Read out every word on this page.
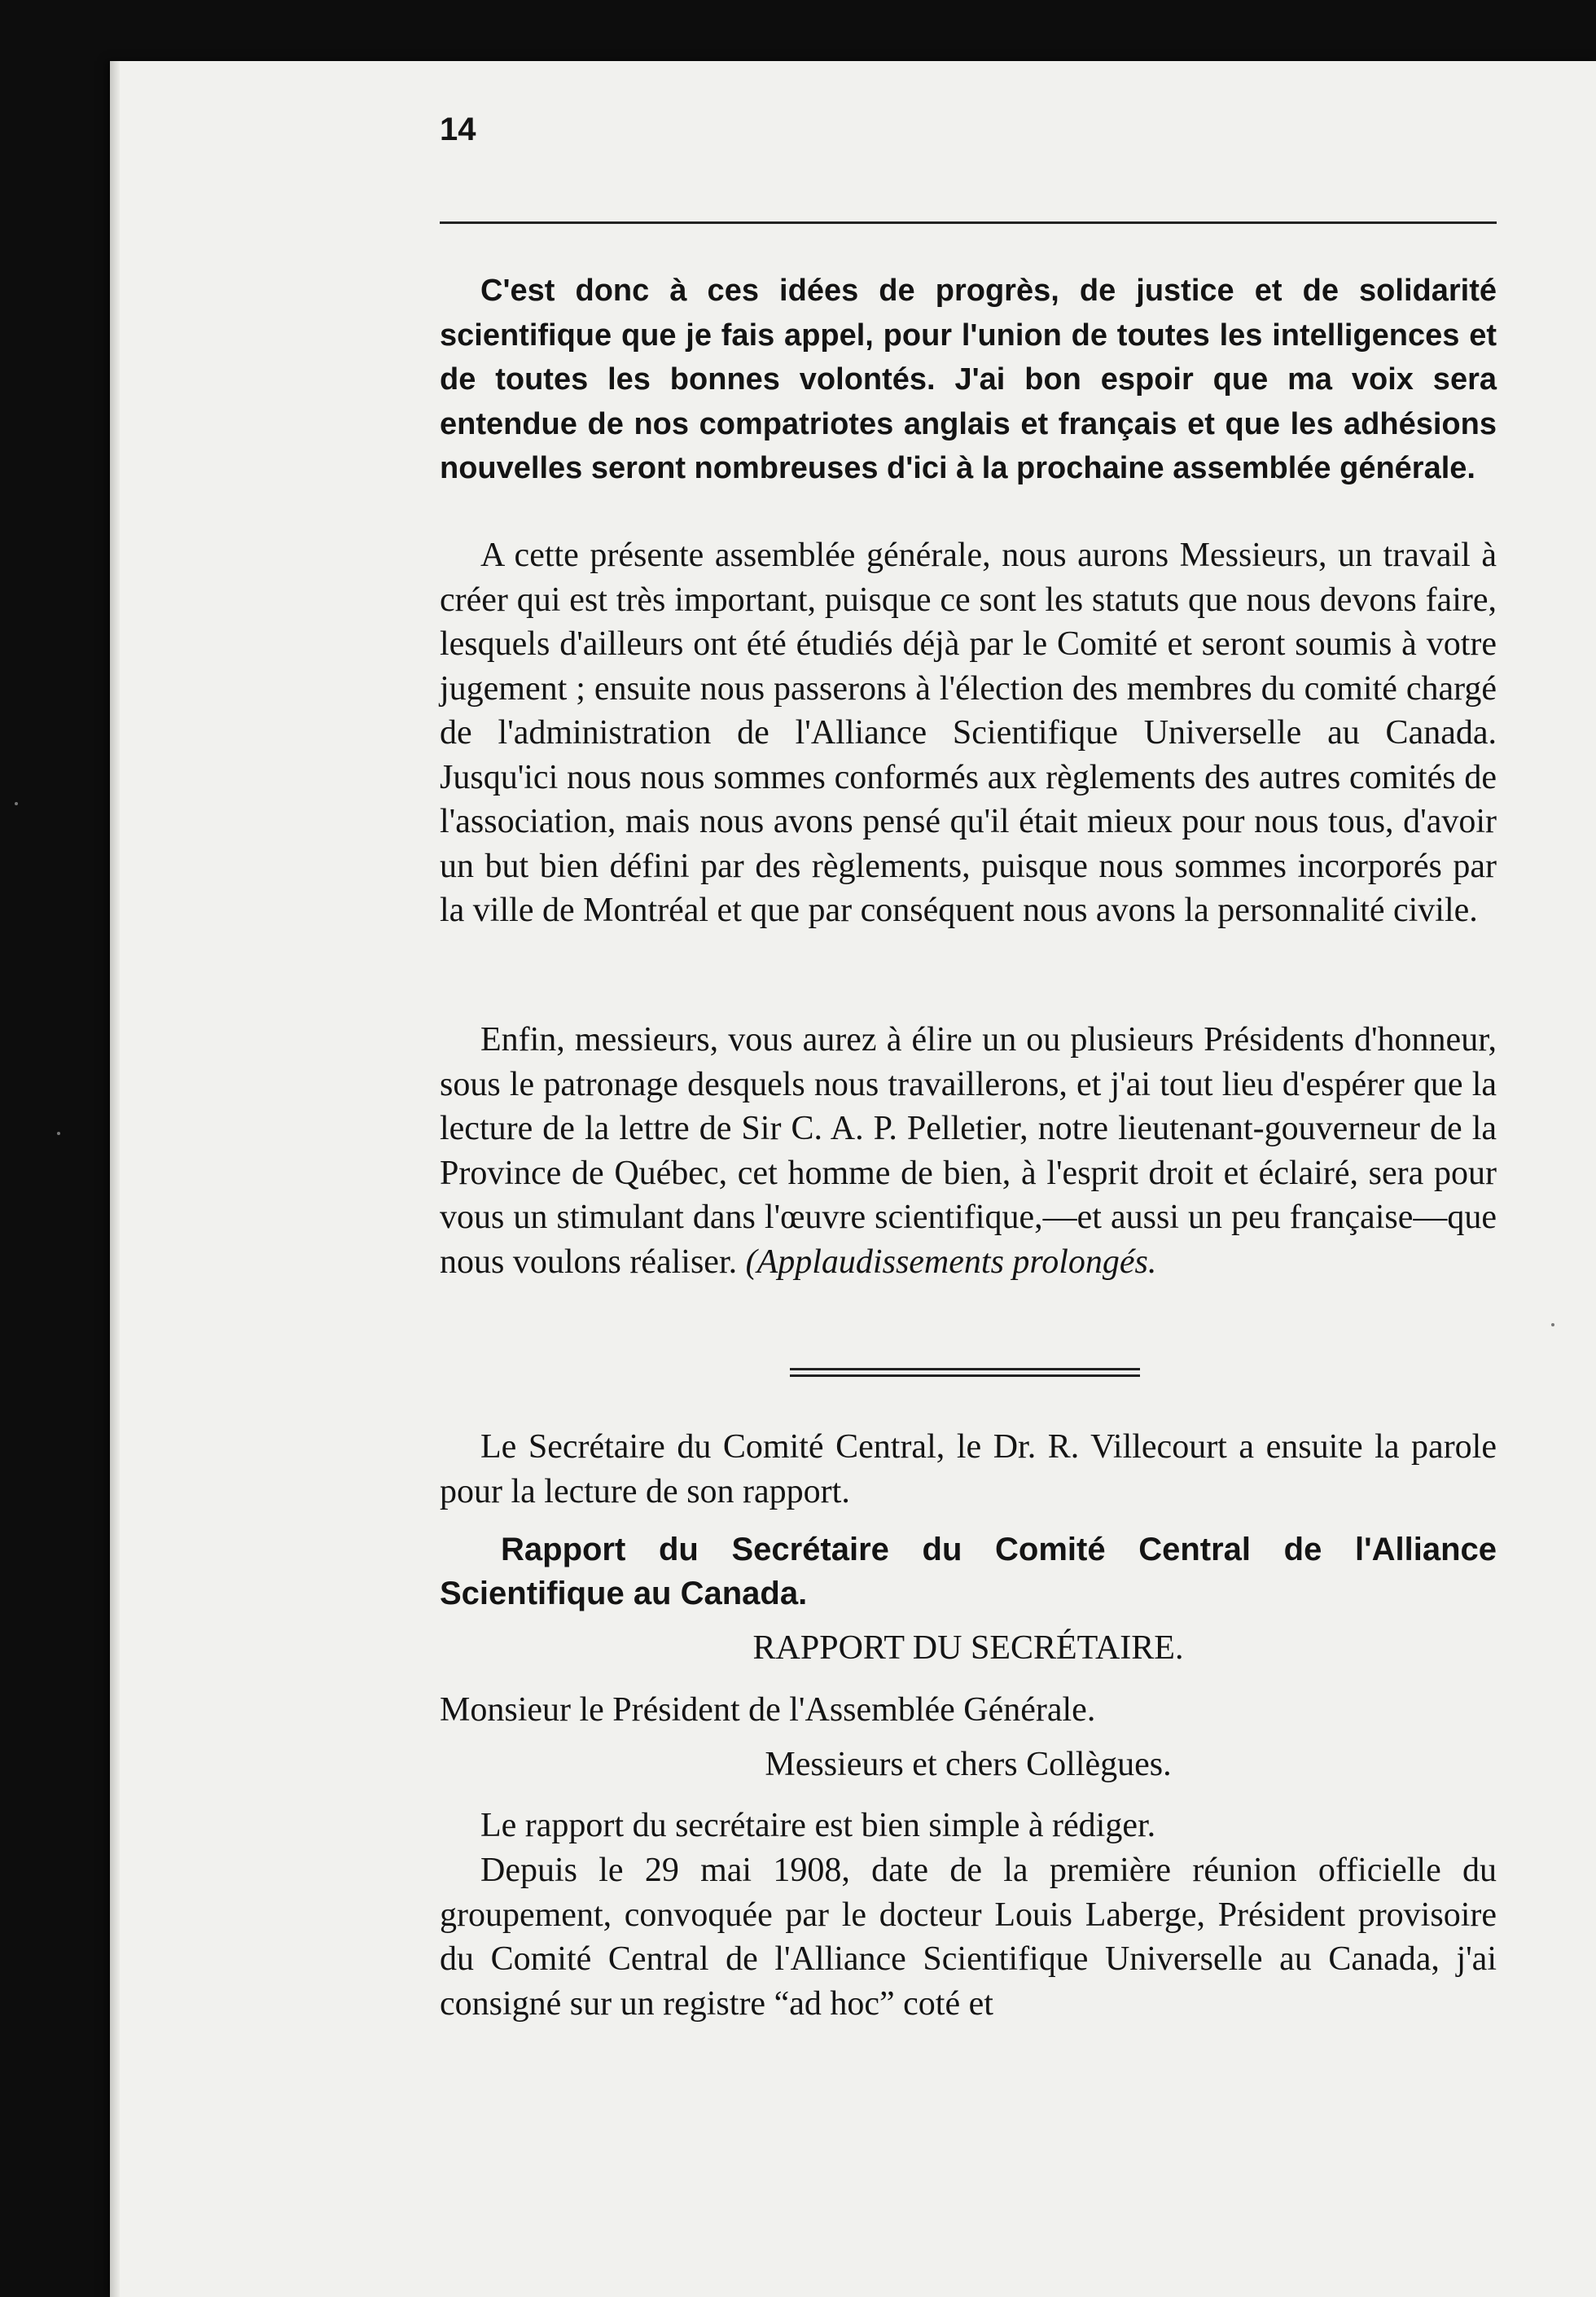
14

C'est donc à ces idées de progrès, de justice et de solidarité scientifique que je fais appel, pour l'union de toutes les intelligences et de toutes les bonnes volontés. J'ai bon espoir que ma voix sera entendue de nos compatriotes anglais et français et que les adhésions nouvelles seront nombreuses d'ici à la prochaine assemblée générale.

A cette présente assemblée générale, nous aurons Messieurs, un travail à créer qui est très important, puisque ce sont les statuts que nous devons faire, lesquels d'ailleurs ont été étudiés déjà par le Comité et seront soumis à votre jugement ; ensuite nous passerons à l'élection des membres du comité chargé de l'administration de l'Alliance Scientifique Universelle au Canada. Jusqu'ici nous nous sommes conformés aux règlements des autres comités de l'association, mais nous avons pensé qu'il était mieux pour nous tous, d'avoir un but bien défini par des règlements, puisque nous sommes incorporés par la ville de Montréal et que par conséquent nous avons la personnalité civile.

Enfin, messieurs, vous aurez à élire un ou plusieurs Présidents d'honneur, sous le patronage desquels nous travaillerons, et j'ai tout lieu d'espérer que la lecture de la lettre de Sir C. A. P. Pelletier, notre lieutenant-gouverneur de la Province de Québec, cet homme de bien, à l'esprit droit et éclairé, sera pour vous un stimulant dans l'œuvre scientifique,—et aussi un peu française—que nous voulons réaliser. (Applaudissements prolongés.

Le Secrétaire du Comité Central, le Dr. R. Villecourt a ensuite la parole pour la lecture de son rapport.

Rapport du Secrétaire du Comité Central de l'Alliance Scientifique au Canada.

RAPPORT DU SECRÉTAIRE.

Monsieur le Président de l'Assemblée Générale.

Messieurs et chers Collègues.

Le rapport du secrétaire est bien simple à rédiger.

Depuis le 29 mai 1908, date de la première réunion officielle du groupement, convoquée par le docteur Louis Laberge, Président provisoire du Comité Central de l'Alliance Scientifique Universelle au Canada, j'ai consigné sur un registre “ad hoc” coté et
